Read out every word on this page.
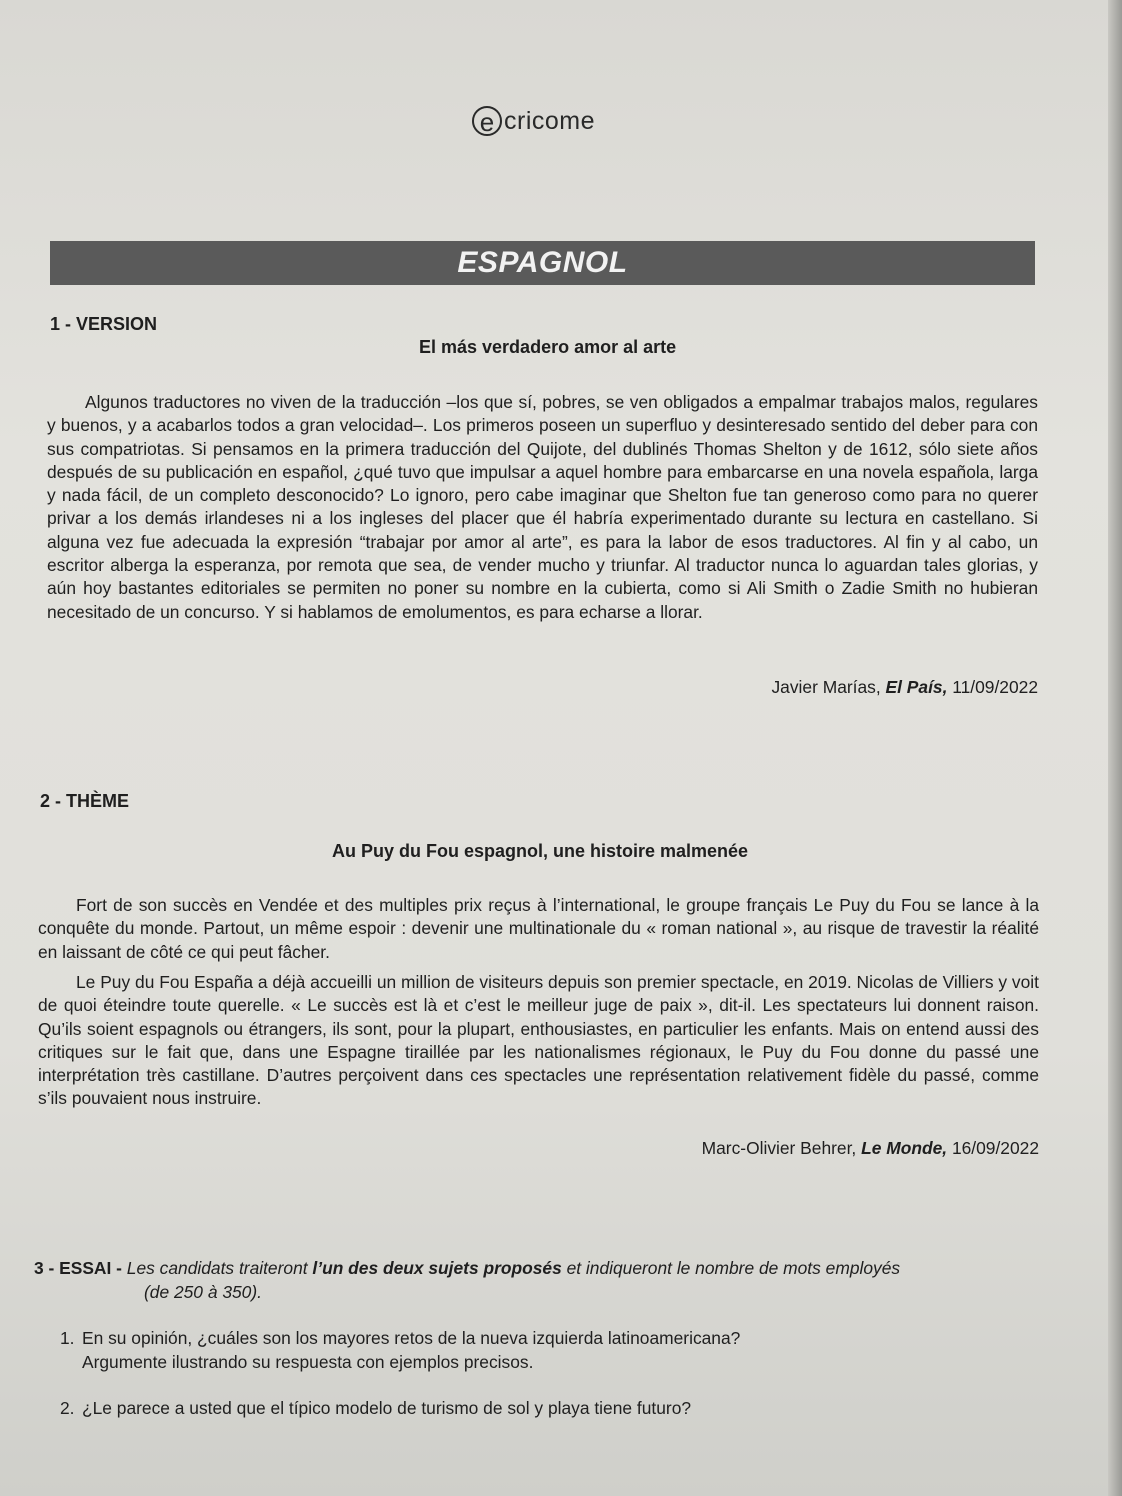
e cricome
ESPAGNOL
1 - VERSION
El más verdadero amor al arte
Algunos traductores no viven de la traducción –los que sí, pobres, se ven obligados a empalmar trabajos malos, regulares y buenos, y a acabarlos todos a gran velocidad–. Los primeros poseen un superfluo y desinteresado sentido del deber para con sus compatriotas. Si pensamos en la primera traducción del Quijote, del dublinés Thomas Shelton y de 1612, sólo siete años después de su publicación en español, ¿qué tuvo que impulsar a aquel hombre para embarcarse en una novela española, larga y nada fácil, de un completo desconocido? Lo ignoro, pero cabe imaginar que Shelton fue tan generoso como para no querer privar a los demás irlandeses ni a los ingleses del placer que él habría experimentado durante su lectura en castellano. Si alguna vez fue adecuada la expresión “trabajar por amor al arte”, es para la labor de esos traductores. Al fin y al cabo, un escritor alberga la esperanza, por remota que sea, de vender mucho y triunfar. Al traductor nunca lo aguardan tales glorias, y aún hoy bastantes editoriales se permiten no poner su nombre en la cubierta, como si Ali Smith o Zadie Smith no hubieran necesitado de un concurso. Y si hablamos de emolumentos, es para echarse a llorar.
Javier Marías, El País, 11/09/2022
2 - THÈME
Au Puy du Fou espagnol, une histoire malmenée
Fort de son succès en Vendée et des multiples prix reçus à l’international, le groupe français Le Puy du Fou se lance à la conquête du monde. Partout, un même espoir : devenir une multinationale du « roman national », au risque de travestir la réalité en laissant de côté ce qui peut fâcher.
Le Puy du Fou España a déjà accueilli un million de visiteurs depuis son premier spectacle, en 2019. Nicolas de Villiers y voit de quoi éteindre toute querelle. « Le succès est là et c’est le meilleur juge de paix », dit-il. Les spectateurs lui donnent raison. Qu’ils soient espagnols ou étrangers, ils sont, pour la plupart, enthousiastes, en particulier les enfants. Mais on entend aussi des critiques sur le fait que, dans une Espagne tiraillée par les nationalismes régionaux, le Puy du Fou donne du passé une interprétation très castillane. D’autres perçoivent dans ces spectacles une représentation relativement fidèle du passé, comme s’ils pouvaient nous instruire.
Marc-Olivier Behrer, Le Monde, 16/09/2022
3 - ESSAI - Les candidats traiteront l’un des deux sujets proposés et indiqueront le nombre de mots employés
(de 250 à 350).
1. En su opinión, ¿cuáles son los mayores retos de la nueva izquierda latinoamericana?
Argumente ilustrando su respuesta con ejemplos precisos.
2. ¿Le parece a usted que el típico modelo de turismo de sol y playa tiene futuro?
